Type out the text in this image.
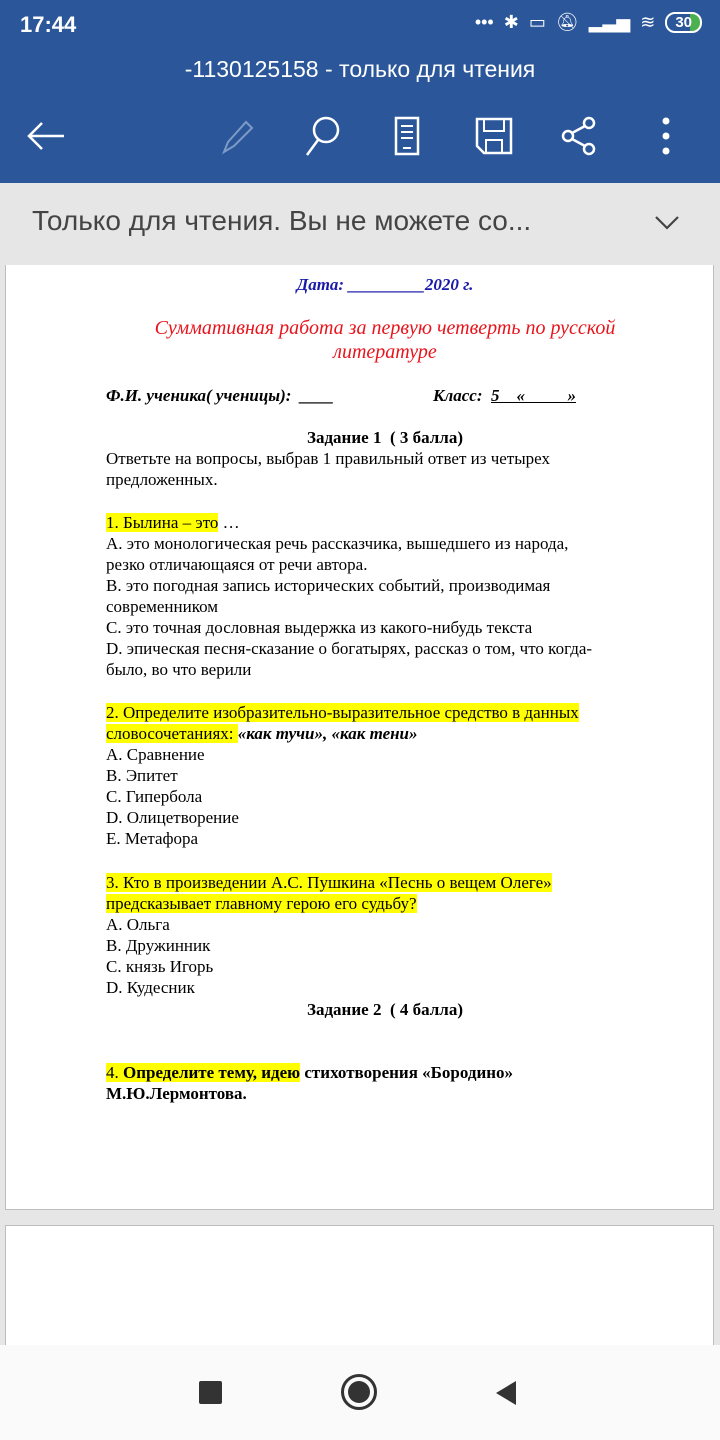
17:44	••• ✱ ▭ 🔕︎ ▂▃▅ ≋	30
-1130125158 - только для чтения
Только для чтения. Вы не можете со...
Дата: _________2020 г.
Суммативная работа за первую четверть по русской
литературе
Ф.И. ученика( ученицы): ____	Класс: 5    «          »
Задание 1  ( 3 балла)
Ответьте на вопросы, выбрав 1 правильный ответ из четырех
предложенных.
1. Былина – это …
A. это монологическая речь рассказчика, вышедшего из народа,
резко отличающаяся от речи автора.
B. это погодная запись исторических событий, производимая
современником
C. это точная дословная выдержка из какого-нибудь текста
D. эпическая песня-сказание о богатырях, рассказ о том, что когда-
было, во что верили
2. Определите изобразительно-выразительное средство в данных
словосочетаниях: «как тучи», «как тени»
A. Сравнение
B. Эпитет
C. Гипербола
D. Олицетворение
E. Метафора
3. Кто в произведении А.С. Пушкина «Песнь о вещем Олеге»
предсказывает главному герою его судьбу?
A. Ольга
B. Дружинник
C. князь Игорь
D. Кудесник
Задание 2  ( 4 балла)
4. Определите тему, идею стихотворения «Бородино»
М.Ю.Лермонтова.
